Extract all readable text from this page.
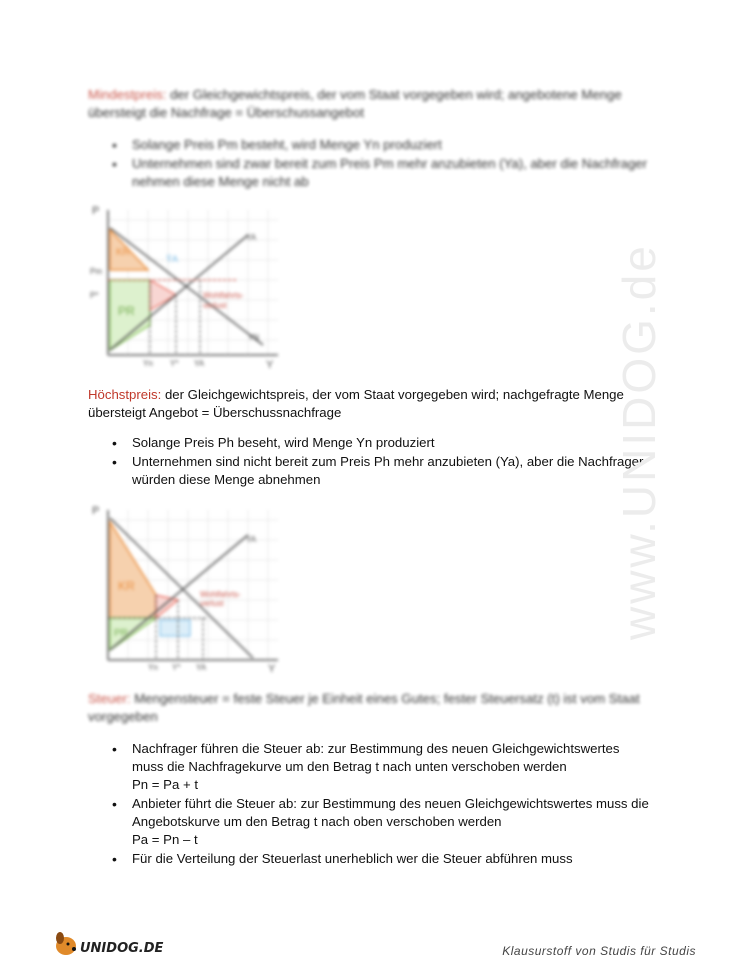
Mindestpreis: der Gleichgewichtspreis, der vom Staat vorgegeben wird; angebotene Menge
übersteigt die Nachfrage = Überschussangebot
• Solange Preis Pm besteht, wird Menge Yn produziert
• Unternehmen sind zwar bereit zum Preis Pm mehr anzubieten (Ya), aber die Nachfrager nehmen diese Menge nicht ab
P
Y
KR
PR
ȲA
Wohlfahrts-
verlust
Pm
P*
Yn Y* YA
YA
YN
Höchstpreis: der Gleichgewichtspreis, der vom Staat vorgegeben wird; nachgefragte Menge
übersteigt Angebot = Überschussnachfrage
• Solange Preis Ph beseht, wird Menge Yn produziert
• Unternehmen sind nicht bereit zum Preis Ph mehr anzubieten (Ya), aber die Nachfrager würden diese Menge abnehmen
P
Y
KR
PR
Wohlfahrts-
verlust
YA
Yn Y* YA
Steuer: Mengensteuer = feste Steuer je Einheit eines Gutes; fester Steuersatz (t) ist vom Staat
vorgegeben
• Nachfrager führen die Steuer ab: zur Bestimmung des neuen Gleichgewichtswertes
muss die Nachfragekurve um den Betrag t nach unten verschoben werden
Pn = Pa + t
• Anbieter führt die Steuer ab: zur Bestimmung des neuen Gleichgewichtswertes muss die
Angebotskurve um den Betrag t nach oben verschoben werden
Pa = Pn – t
• Für die Verteilung der Steuerlast unerheblich wer die Steuer abführen muss
www.UNIDOG.de
UNIDOG.DE	Klausurstoff von Studis für Studis
